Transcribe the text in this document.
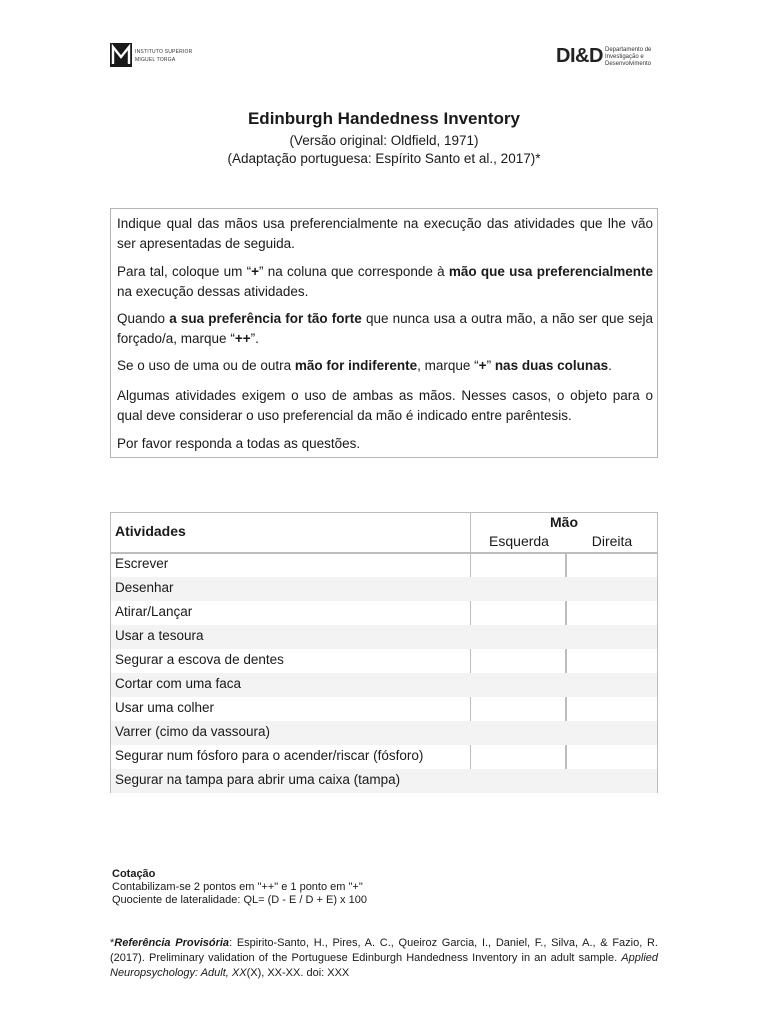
INSTITUTO SUPERIOR
MIGUEL TORGA	DI&D Departamento de
Investigação e
Desenvolvimento
Edinburgh Handedness Inventory
(Versão original: Oldfield, 1971)
(Adaptação portuguesa: Espírito Santo et al., 2017)*
Indique qual das mãos usa preferencialmente na execução das atividades que lhe vão ser apresentadas de seguida.
Para tal, coloque um “+” na coluna que corresponde à mão que usa preferencialmente na execução dessas atividades.
Quando a sua preferência for tão forte que nunca usa a outra mão, a não ser que seja forçado/a, marque “++”.
Se o uso de uma ou de outra mão for indiferente, marque “+” nas duas colunas.
Algumas atividades exigem o uso de ambas as mãos. Nesses casos, o objeto para o qual deve considerar o uso preferencial da mão é indicado entre parêntesis.
Por favor responda a todas as questões.
Atividades
Mão
Esquerda	Direita
Escrever
Desenhar
Atirar/Lançar
Usar a tesoura
Segurar a escova de dentes
Cortar com uma faca
Usar uma colher
Varrer (cimo da vassoura)
Segurar num fósforo para o acender/riscar (fósforo)
Segurar na tampa para abrir uma caixa (tampa)
Cotação
Contabilizam-se 2 pontos em "++" e 1 ponto em "+"
Quociente de lateralidade: QL= (D - E / D + E) x 100
*Referência Provisória: Espirito-Santo, H., Pires, A. C., Queiroz Garcia, I., Daniel, F., Silva, A., & Fazio, R. (2017). Preliminary validation of the Portuguese Edinburgh Handedness Inventory in an adult sample. Applied Neuropsychology: Adult, XX(X), XX-XX. doi: XXX
